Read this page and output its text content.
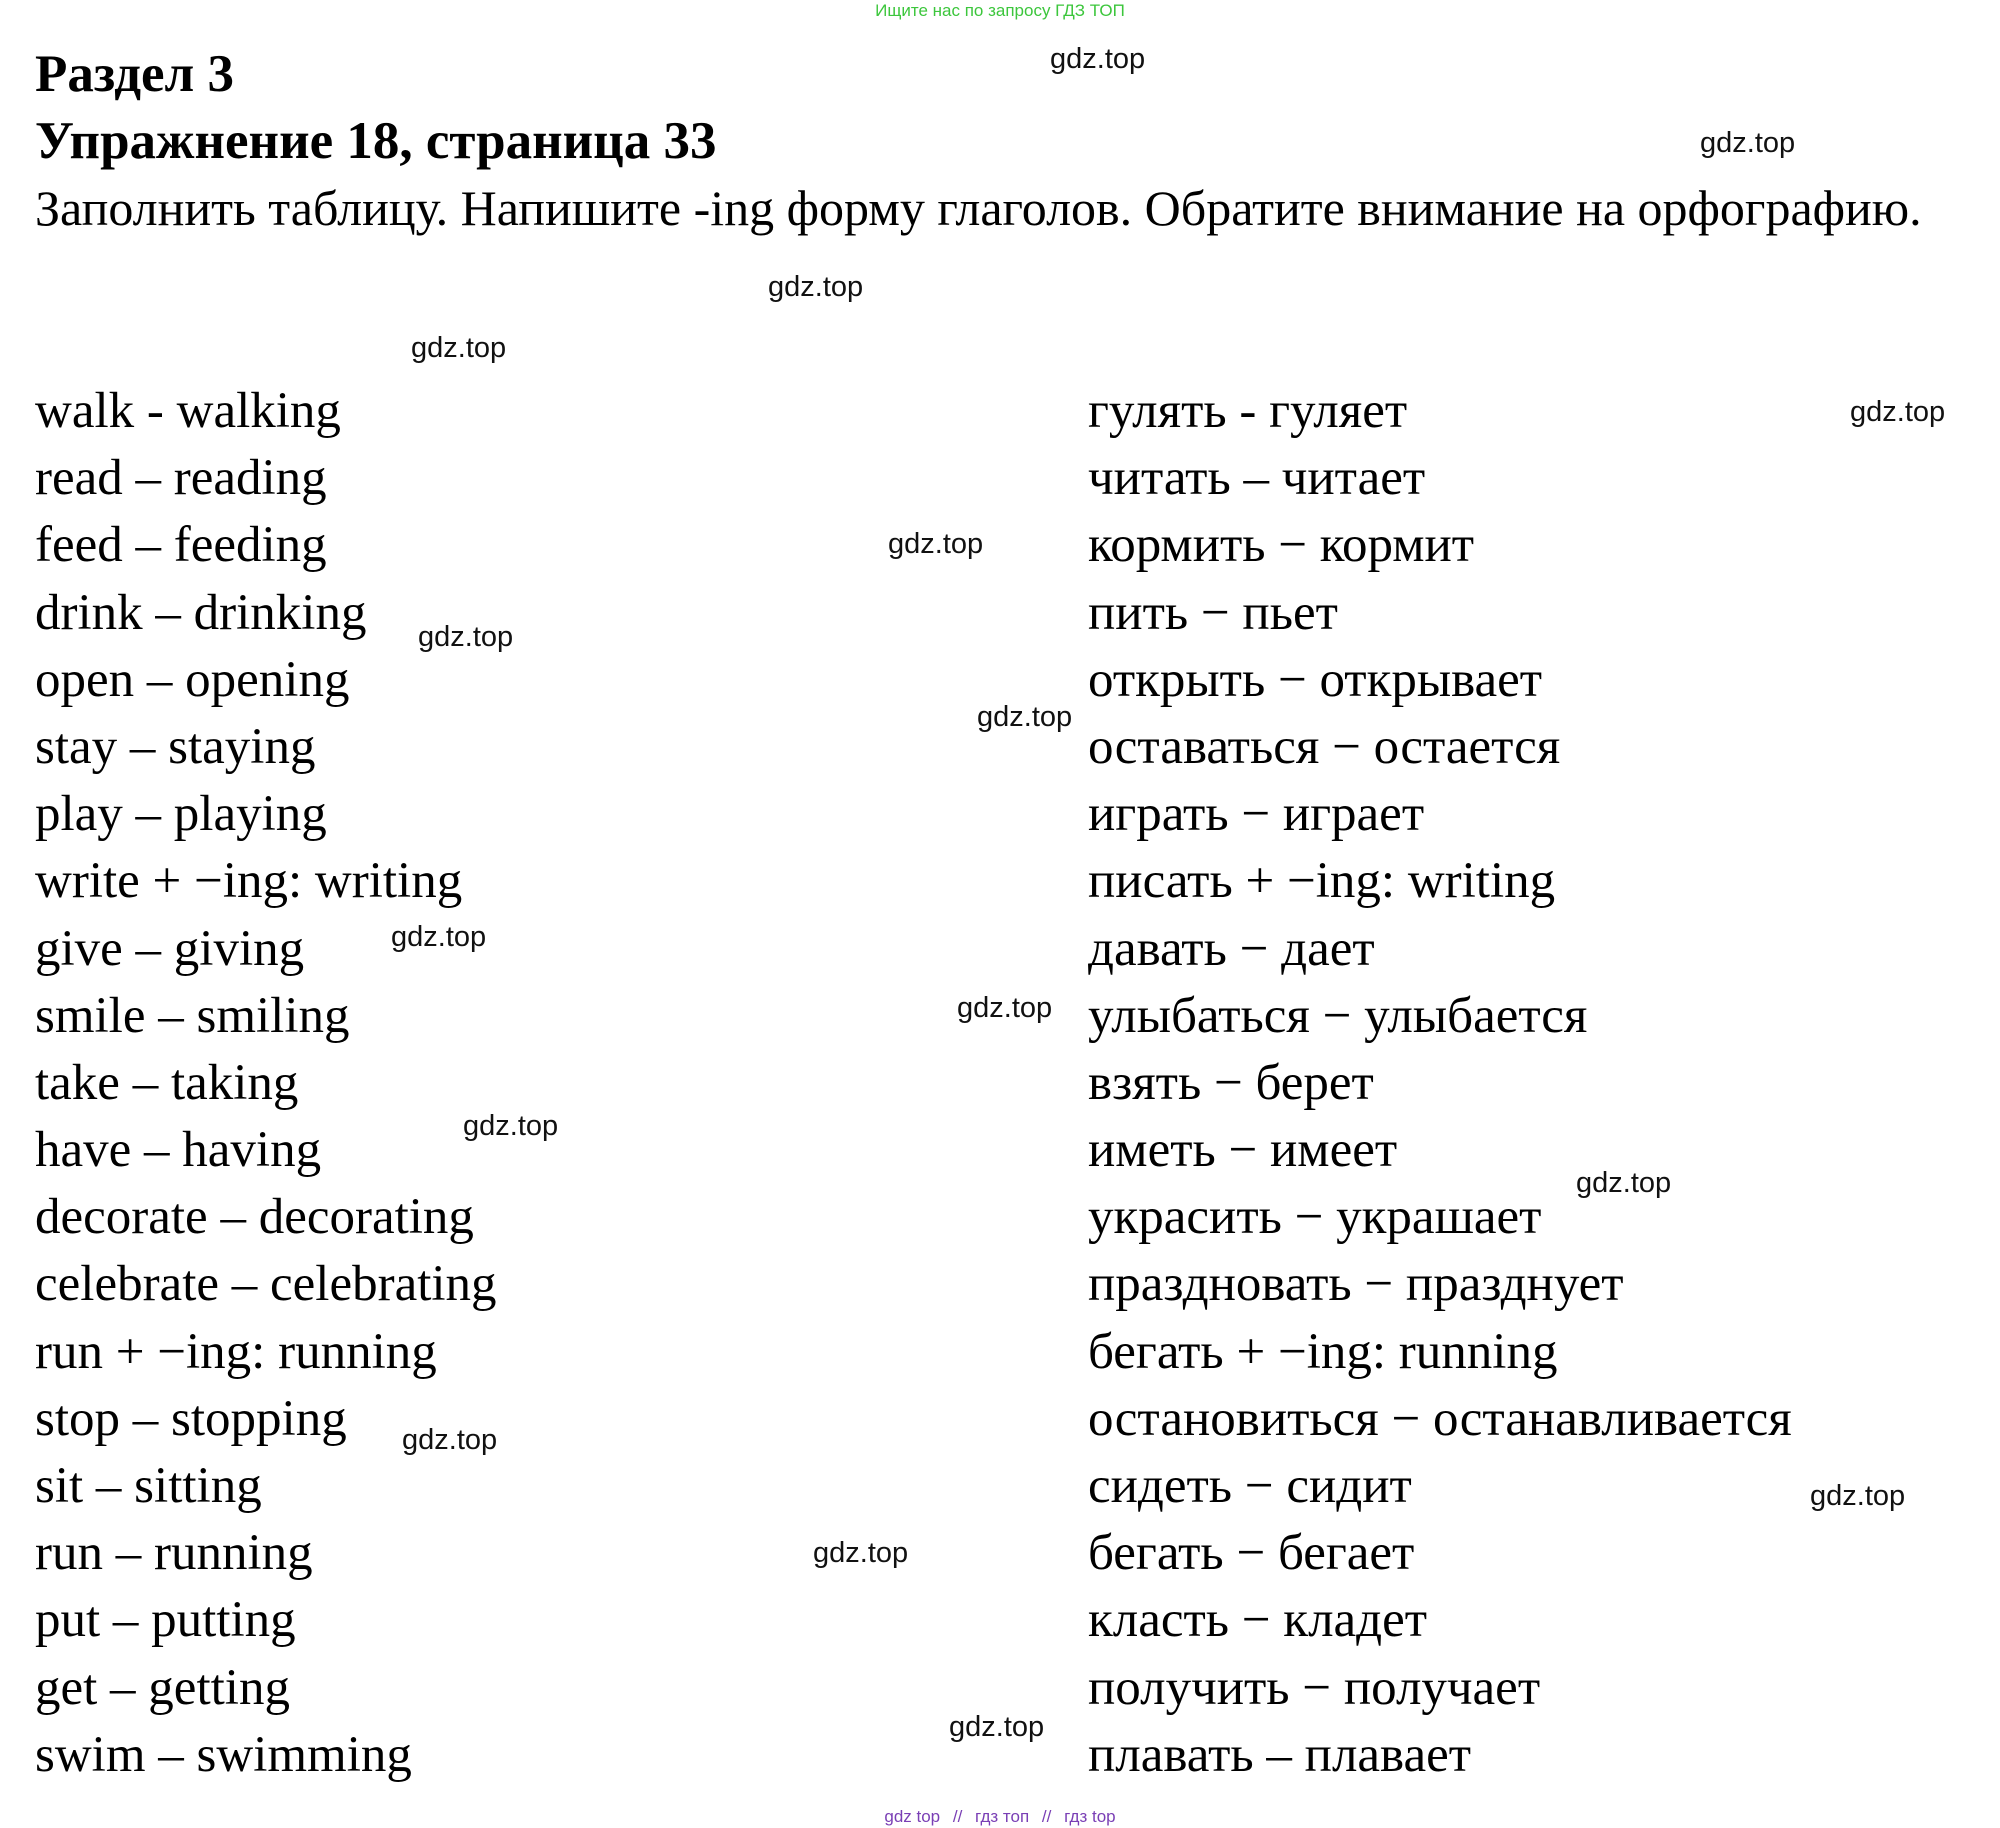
Ищите нас по запросу ГДЗ ТОП
Раздел 3
Упражнение 18, страница 33

Заполнить таблицу. Напишите -ing форму глаголов. Обратите внимание на орфографию.

walk - walking
read – reading
feed – feeding
drink – drinking
open – opening
stay – staying
play – playing
write + −ing: writing
give – giving
smile – smiling
take – taking
have – having
decorate – decorating
celebrate – celebrating
run + −ing: running
stop – stopping
sit – sitting
run – running
put – putting
get – getting
swim – swimming
гулять - гуляет
читать – читает
кормить − кормит
пить − пьет
открыть − открывает
оставаться − остается
играть − играет
писать + −ing: writing
давать − дает
улыбаться − улыбается
взять − берет
иметь − имеет
украсить − украшает
праздновать − празднует
бегать + −ing: running
остановиться − останавливается
сидеть − сидит
бегать − бегает
класть − кладет
получить − получает
плавать – плавает
gdz.top
gdz.top
gdz.top
gdz.top
gdz.top
gdz.top
gdz.top
gdz.top
gdz.top
gdz.top
gdz.top
gdz.top
gdz.top
gdz.top
gdz.top
gdz.top
gdz top // гдз топ // гдз top
